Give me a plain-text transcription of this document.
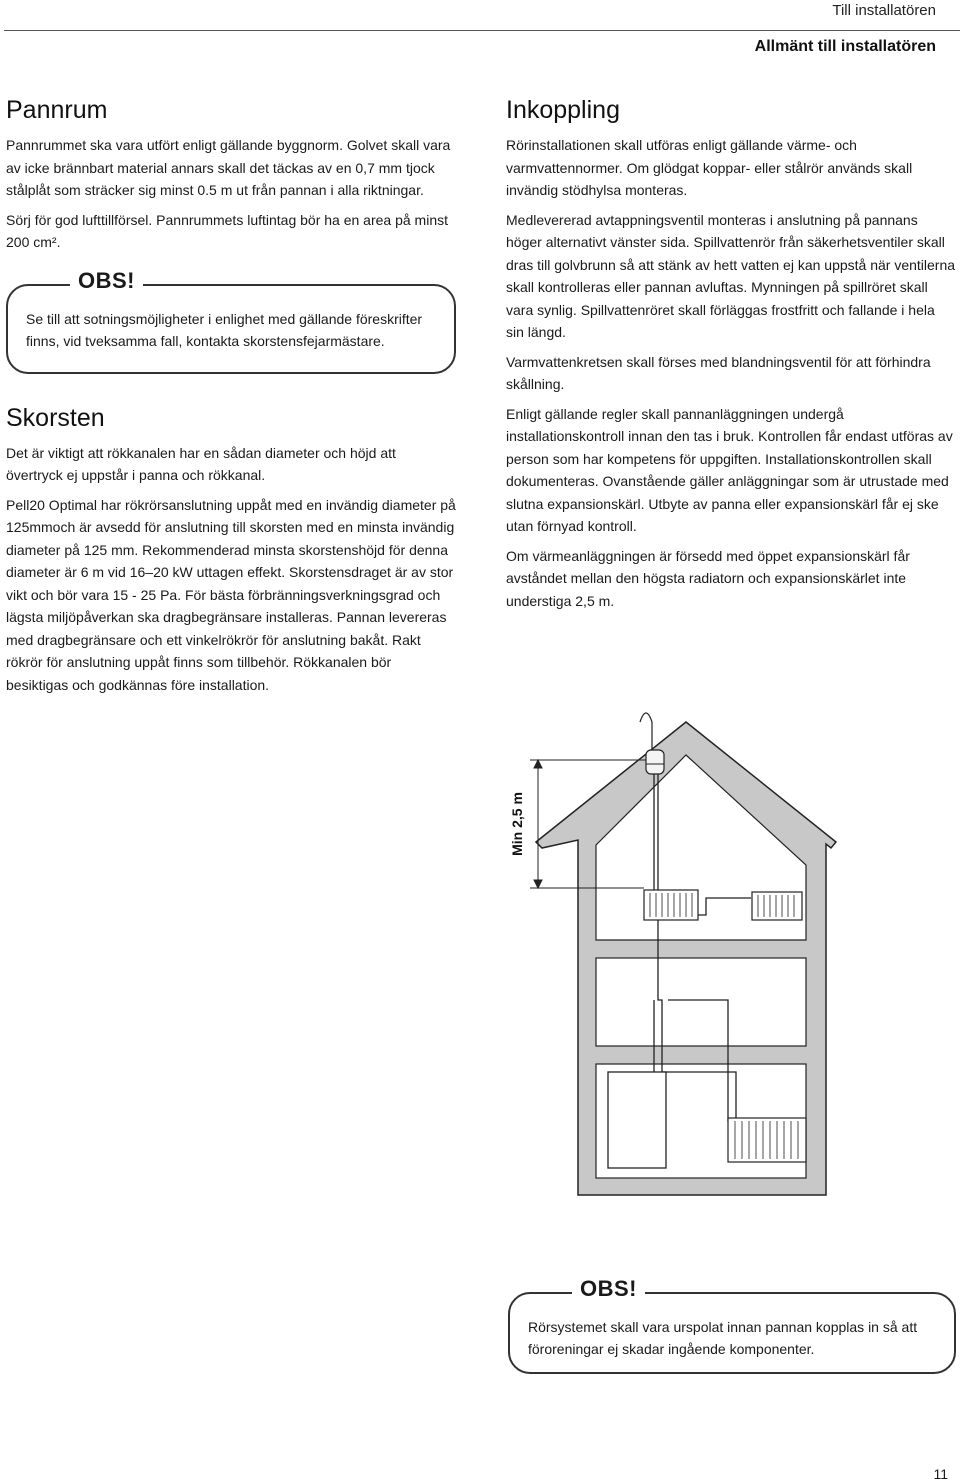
Till installatören
Allmänt till installatören
Pannrum

Pannrummet ska vara utfört enligt gällande byggnorm. Golvet skall vara av icke brännbart material annars skall det täckas av en 0,7 mm tjock stålplåt som sträcker sig minst 0.5 m ut från pannan i alla riktningar.

Sörj för god lufttillförsel. Pannrummets luftintag bör ha en area på minst 200 cm².

OBS!

Se till att sotningsmöjligheter i enlighet med gällande föreskrifter finns, vid tveksamma fall, kontakta skorstensfejarmästare.

Skorsten

Det är viktigt att rökkanalen har en sådan diameter och höjd att övertryck ej uppstår i panna och rökkanal.

Pell20 Optimal har rökrörsanslutning uppåt med en invändig diameter på 125mmoch är avsedd för anslutning till skorsten med en minsta invändig diameter på 125 mm. Rekommenderad minsta skorstenshöjd för denna diameter är 6 m vid 16–20 kW uttagen effekt. Skorstensdraget är av stor vikt och bör vara 15 - 25 Pa. För bästa förbränningsverkningsgrad och lägsta miljöpåverkan ska dragbegränsare installeras. Pannan levereras med dragbegränsare och ett vinkelrökrör för anslutning bakåt. Rakt rökrör för anslutning uppåt finns som tillbehör. Rökkanalen bör besiktigas och godkännas före installation.

Inkoppling

Rörinstallationen skall utföras enligt gällande värme- och varmvattennormer. Om glödgat koppar- eller stålrör används skall invändig stödhylsa monteras.

Medlevererad avtappningsventil monteras i anslutning på pannans höger alternativt vänster sida. Spillvattenrör från säkerhetsventiler skall dras till golvbrunn så att stänk av hett vatten ej kan uppstå när ventilerna skall kontrolleras eller pannan avluftas. Mynningen på spillröret skall vara synlig. Spillvattenröret skall förläggas frostfritt och fallande i hela sin längd.

Varmvattenkretsen skall förses med blandningsventil för att förhindra skållning.

Enligt gällande regler skall pannanläggningen undergå installationskontroll innan den tas i bruk. Kontrollen får endast utföras av person som har kompetens för uppgiften. Installationskontrollen skall dokumenteras. Ovanstående gäller anläggningar som är utrustade med slutna expansionskärl. Utbyte av panna eller expansionskärl får ej ske utan förnyad kontroll.

Om värmeanläggningen är försedd med öppet expansionskärl får avståndet mellan den högsta radiatorn och expansionskärlet inte understiga 2,5 m.

Min 2,5 m
OBS!

Rörsystemet skall vara urspolat innan pannan kopplas in så att föroreningar ej skadar ingående komponenter.

11
